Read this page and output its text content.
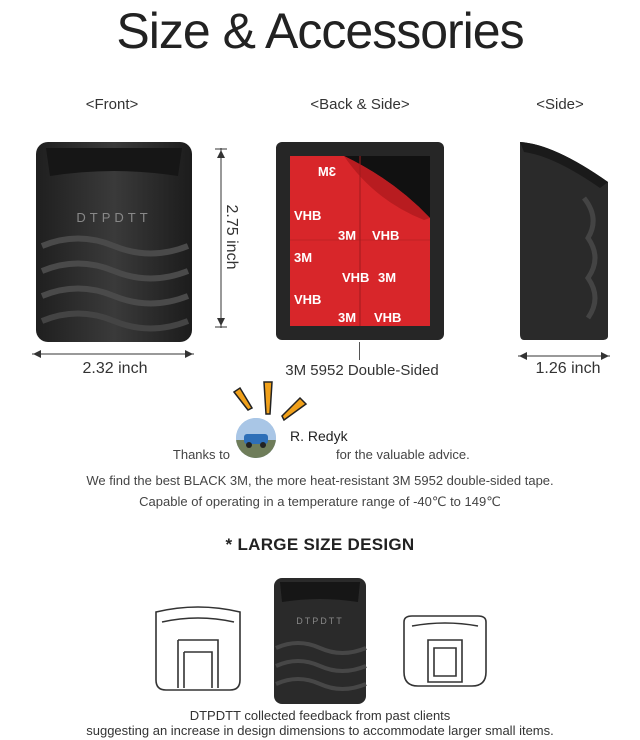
Size & Accessories
<Front>	<Back & Side>	<Side>
DTPDTT	2.75 inch
2.32 inch
3M
VHB
3M VHB
3M
VHB
3M VHB
VHB 3M
3M 5952 Double-Sided	1.26 inch
R. Redyk
Thanks to	for the valuable advice.
We find the best BLACK 3M, the more heat-resistant 3M 5952 double-sided tape.
Capable of operating in a temperature range of -40℃ to 149℃
* LARGE SIZE DESIGN
DTPDTT
DTPDTT collected feedback from past clients
suggesting an increase in design dimensions to accommodate larger small items.
